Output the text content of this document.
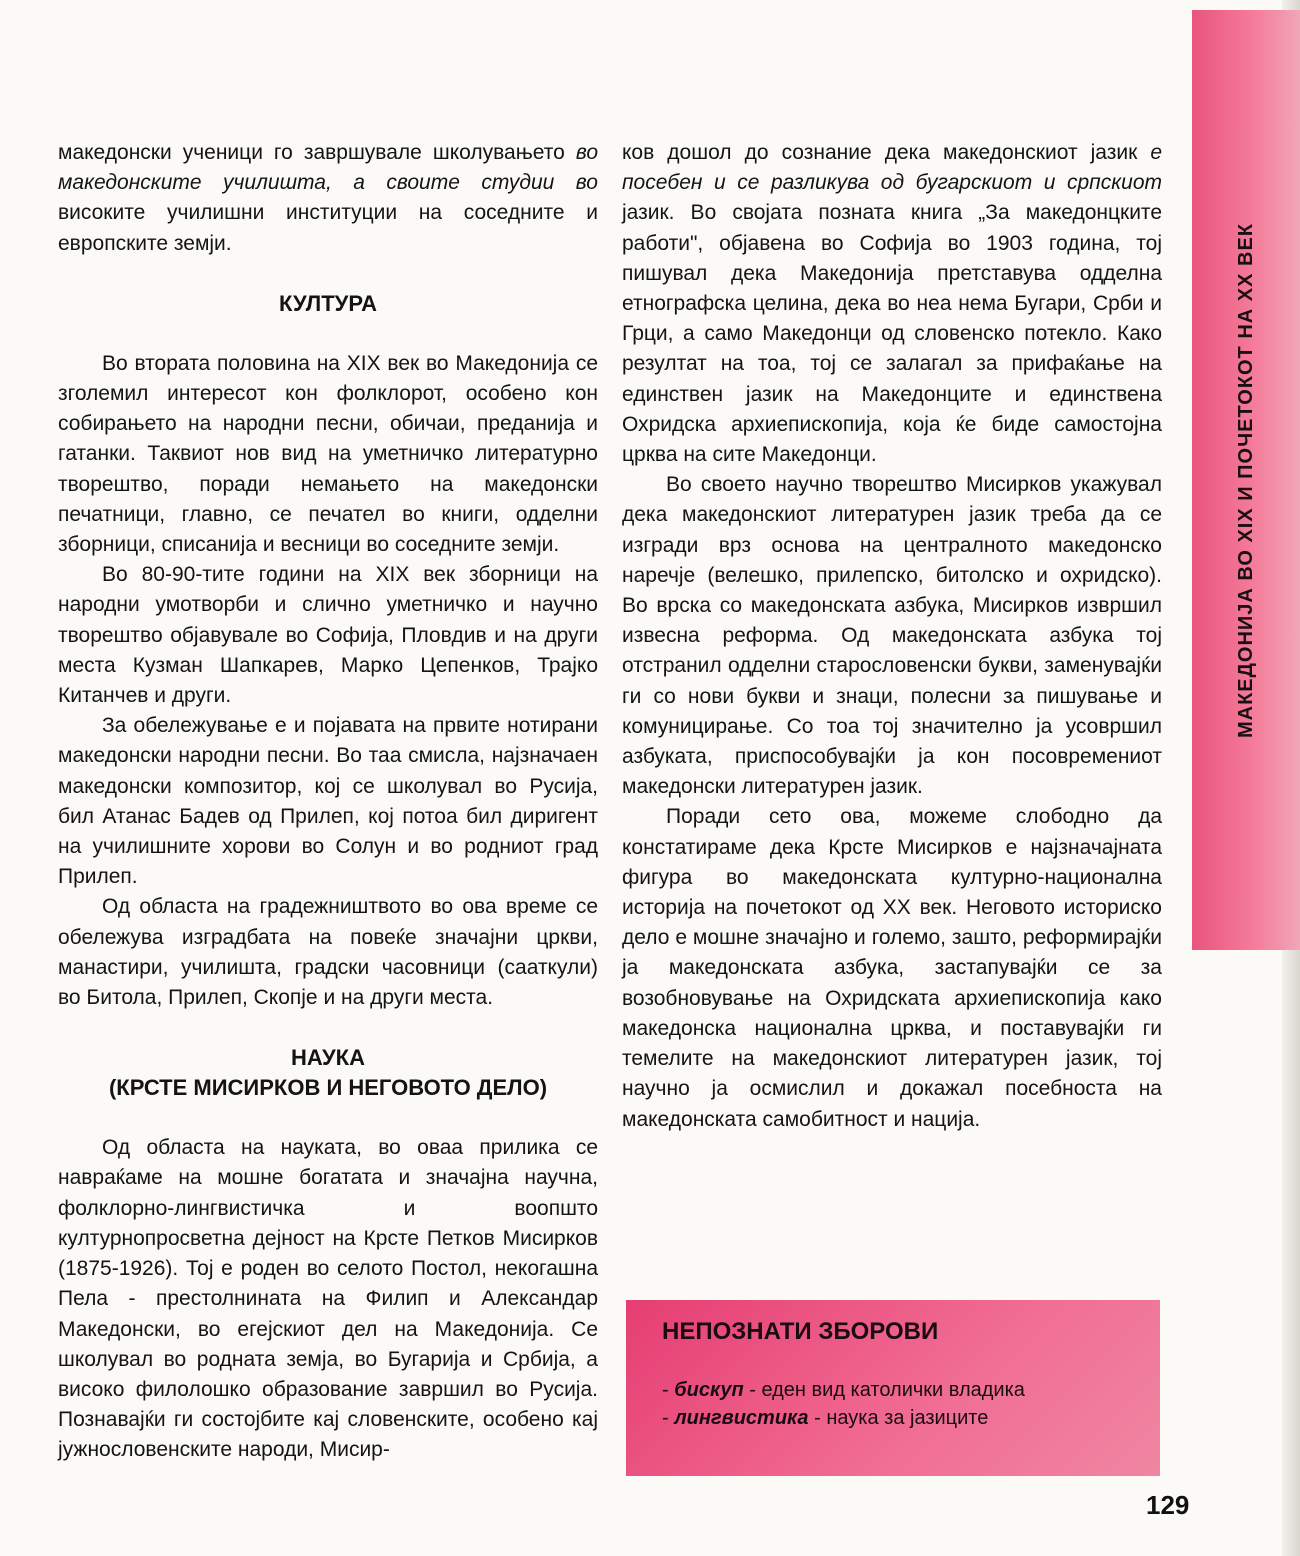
МАКЕДОНИЈА ВО XIX И ПОЧЕТОКОТ НА XX ВЕК

македонски ученици го завршувале школувањето во македонските училишта, а своите студии во високите училишни институции на соседните и европските земји.

КУЛТУРА

Во втората половина на XIX век во Македонија се зголемил интересот кон фолклорот, особено кон собирањето на народни песни, обичаи, преданија и гатанки. Таквиот нов вид на уметничко литературно творештво, поради немањето на македонски печатници, главно, се печател во книги, одделни зборници, списанија и весници во соседните земји.

Во 80-90-тите години на XIX век зборници на народни умотворби и слично уметничко и научно творештво објавувале во Софија, Пловдив и на други места Кузман Шапкарев, Марко Цепенков, Трајко Китанчев и други.

За обележување е и појавата на првите нотирани македонски народни песни. Во таа смисла, најзначаен македонски композитор, кој се школувал во Русија, бил Атанас Бадев од Прилеп, кој потоа бил диригент на училишните хорови во Солун и во родниот град Прилеп.

Од областа на градежништвото во ова време се обележува изградбата на повеќе значајни цркви, манастири, училишта, градски часовници (сааткули) во Битола, Прилеп, Скопје и на други места.

НАУКА
(КРСТЕ МИСИРКОВ И НЕГОВОТО ДЕЛО)

Од областа на науката, во оваа прилика се навраќаме на мошне богатата и значајна научна, фолклорно-лингвистичка и воопшто културнопросветна дејност на Крсте Петков Мисирков (1875-1926). Тој е роден во селото Постол, некогашна Пела - престолнината на Филип и Александар Македонски, во егејскиот дел на Македонија. Се школувал во родната земја, во Бугарија и Србија, а високо филолошко образование завршил во Русија. Познавајќи ги состојбите кај словенските, особено кај јужнословенските народи, Мисир-

ков дошол до сознание дека македонскиот јазик е посебен и се разликува од бугарскиот и српскиот јазик. Во својата позната книга „За македонцките работи", објавена во Софија во 1903 година, тој пишувал дека Македонија претставува одделна етнографска целина, дека во неа нема Бугари, Срби и Грци, а само Македонци од словенско потекло. Како резултат на тоа, тој се залагал за прифаќање на единствен јазик на Македонците и единствена Охридска архиепископија, која ќе биде самостојна црква на сите Македонци.

Во своето научно творештво Мисирков укажувал дека македонскиот литературен јазик треба да се изгради врз основа на централното македонско наречје (велешко, прилепско, битолско и охридско). Во врска со македонската азбука, Мисирков извршил извесна реформа. Од македонската азбука тој отстранил одделни старословенски букви, заменувајќи ги со нови букви и знаци, полесни за пишување и комуницирање. Со тоа тој значително ја усовршил азбуката, приспособувајќи ја кон посовремениот македонски литературен јазик.

Поради сето ова, можеме слободно да констатираме дека Крсте Мисирков е најзначајната фигура во македонската културно-национална историја на почетокот од XX век. Неговото историско дело е мошне значајно и големо, зашто, реформирајќи ја македонската азбука, застапувајќи се за возобновување на Охридската архиепископија како македонска национална црква, и поставувајќи ги темелите на македонскиот литературен јазик, тој научно ја осмислил и докажал посебноста на македонската самобитност и нација.

НЕПОЗНАТИ ЗБОРОВИ
- бискуп - еден вид католички владика
- лингвистика - наука за јазиците
129
